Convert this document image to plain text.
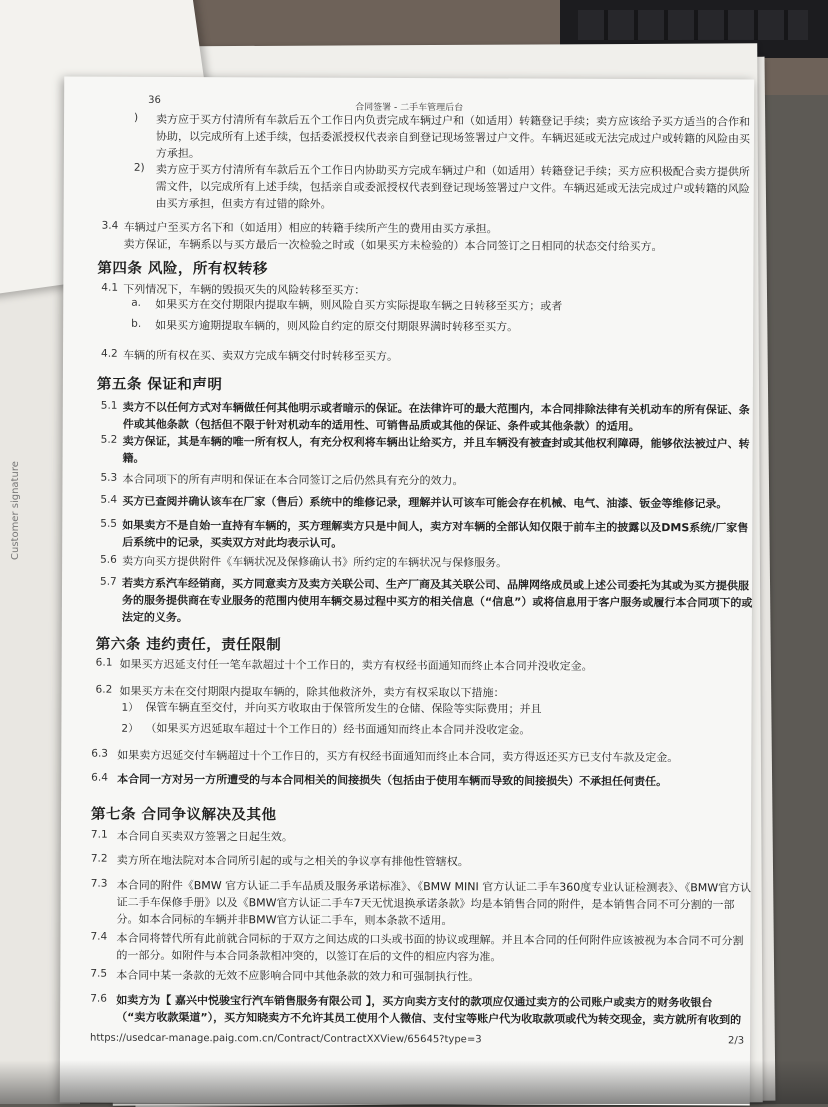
Customer signature
36
合同签署 - 二手车管理后台
) 卖方应于买方付清所有车款后五个工作日内负责完成车辆过户和（如适用）转籍登记手续；卖方应该给予买方适当的合作和
协助，以完成所有上述手续，包括委派授权代表亲自到登记现场签署过户文件。车辆迟延或无法完成过户或转籍的风险由买
方承担。
2) 卖方应于买方付清所有车款后五个工作日内协助买方完成车辆过户和（如适用）转籍登记手续；买方应积极配合卖方提供所
需文件，以完成所有上述手续，包括亲自或委派授权代表到登记现场签署过户文件。车辆迟延或无法完成过户或转籍的风险
由买方承担，但卖方有过错的除外。
3.4 车辆过户至买方名下和（如适用）相应的转籍手续所产生的费用由买方承担。
卖方保证，车辆系以与买方最后一次检验之时或（如果买方未检验的）本合同签订之日相同的状态交付给买方。
第四条 风险，所有权转移
4.1 下列情况下，车辆的毁损灭失的风险转移至买方：
a. 如果买方在交付期限内提取车辆，则风险自买方实际提取车辆之日转移至买方；或者
b. 如果买方逾期提取车辆的，则风险自约定的原交付期限界满时转移至买方。
4.2 车辆的所有权在买、卖双方完成车辆交付时转移至买方。
第五条 保证和声明
5.1 卖方不以任何方式对车辆做任何其他明示或者暗示的保证。在法律许可的最大范围内，本合同排除法律有关机动车的所有保证、条
件或其他条款（包括但不限于针对机动车的适用性、可销售品质或其他的保证、条件或其他条款）的适用。
5.2 卖方保证，其是车辆的唯一所有权人，有充分权利将车辆出让给买方，并且车辆没有被查封或其他权利障碍，能够依法被过户、转
籍。
5.3 本合同项下的所有声明和保证在本合同签订之后仍然具有充分的效力。
5.4 买方已查阅并确认该车在厂家（售后）系统中的维修记录，理解并认可该车可能会存在机械、电气、油漆、钣金等维修记录。
5.5 如果卖方不是自始一直持有车辆的，买方理解卖方只是中间人，卖方对车辆的全部认知仅限于前车主的披露以及DMS系统/厂家售
后系统中的记录，买卖双方对此均表示认可。
5.6 卖方向买方提供附件《车辆状况及保修确认书》所约定的车辆状况与保修服务。
5.7 若卖方系汽车经销商，买方同意卖方及卖方关联公司、生产厂商及其关联公司、品牌网络成员或上述公司委托为其或为买方提供服
务的服务提供商在专业服务的范围内使用车辆交易过程中买方的相关信息（“信息”）或将信息用于客户服务或履行本合同项下的或
法定的义务。
第六条 违约责任，责任限制
6.1 如果买方迟延支付任一笔车款超过十个工作日的，卖方有权经书面通知而终止本合同并没收定金。
6.2 如果买方未在交付期限内提取车辆的，除其他救济外，卖方有权采取以下措施：
1） 保管车辆直至交付，并向买方收取由于保管所发生的仓储、保险等实际费用；并且
2） （如果买方迟延取车超过十个工作日的）经书面通知而终止本合同并没收定金。
6.3 如果卖方迟延交付车辆超过十个工作日的，买方有权经书面通知而终止本合同，卖方得返还买方已支付车款及定金。
6.4 本合同一方对另一方所遭受的与本合同相关的间接损失（包括由于使用车辆而导致的间接损失）不承担任何责任。
第七条 合同争议解决及其他
7.1 本合同自买卖双方签署之日起生效。
7.2 卖方所在地法院对本合同所引起的或与之相关的争议享有排他性管辖权。
7.3 本合同的附件《BMW 官方认证二手车品质及服务承诺标准》、《BMW MINI 官方认证二手车360度专业认证检测表》、《BMW官方认
证二手车保修手册》以及《BMW官方认证二手车7天无忧退换承诺条款》均是本销售合同的附件，是本销售合同不可分割的一部
分。如本合同标的车辆并非BMW官方认证二手车，则本条款不适用。
7.4 本合同将替代所有此前就合同标的于双方之间达成的口头或书面的协议或理解。并且本合同的任何附件应该被视为本合同不可分割
的一部分。如附件与本合同条款相冲突的，以签订在后的文件的相应内容为准。
7.5 本合同中某一条款的无效不应影响合同中其他条款的效力和可强制执行性。
7.6 如卖方为【 嘉兴中悦骏宝行汽车销售服务有限公司 】，买方向卖方支付的款项应仅通过卖方的公司账户或卖方的财务收银台
（“卖方收款渠道”），买方知晓卖方不允许其员工使用个人微信、支付宝等账户代为收取款项或代为转交现金，卖方就所有收到的
https://usedcar-manage.paig.com.cn/Contract/ContractXXView/65645?type=3	2/3
